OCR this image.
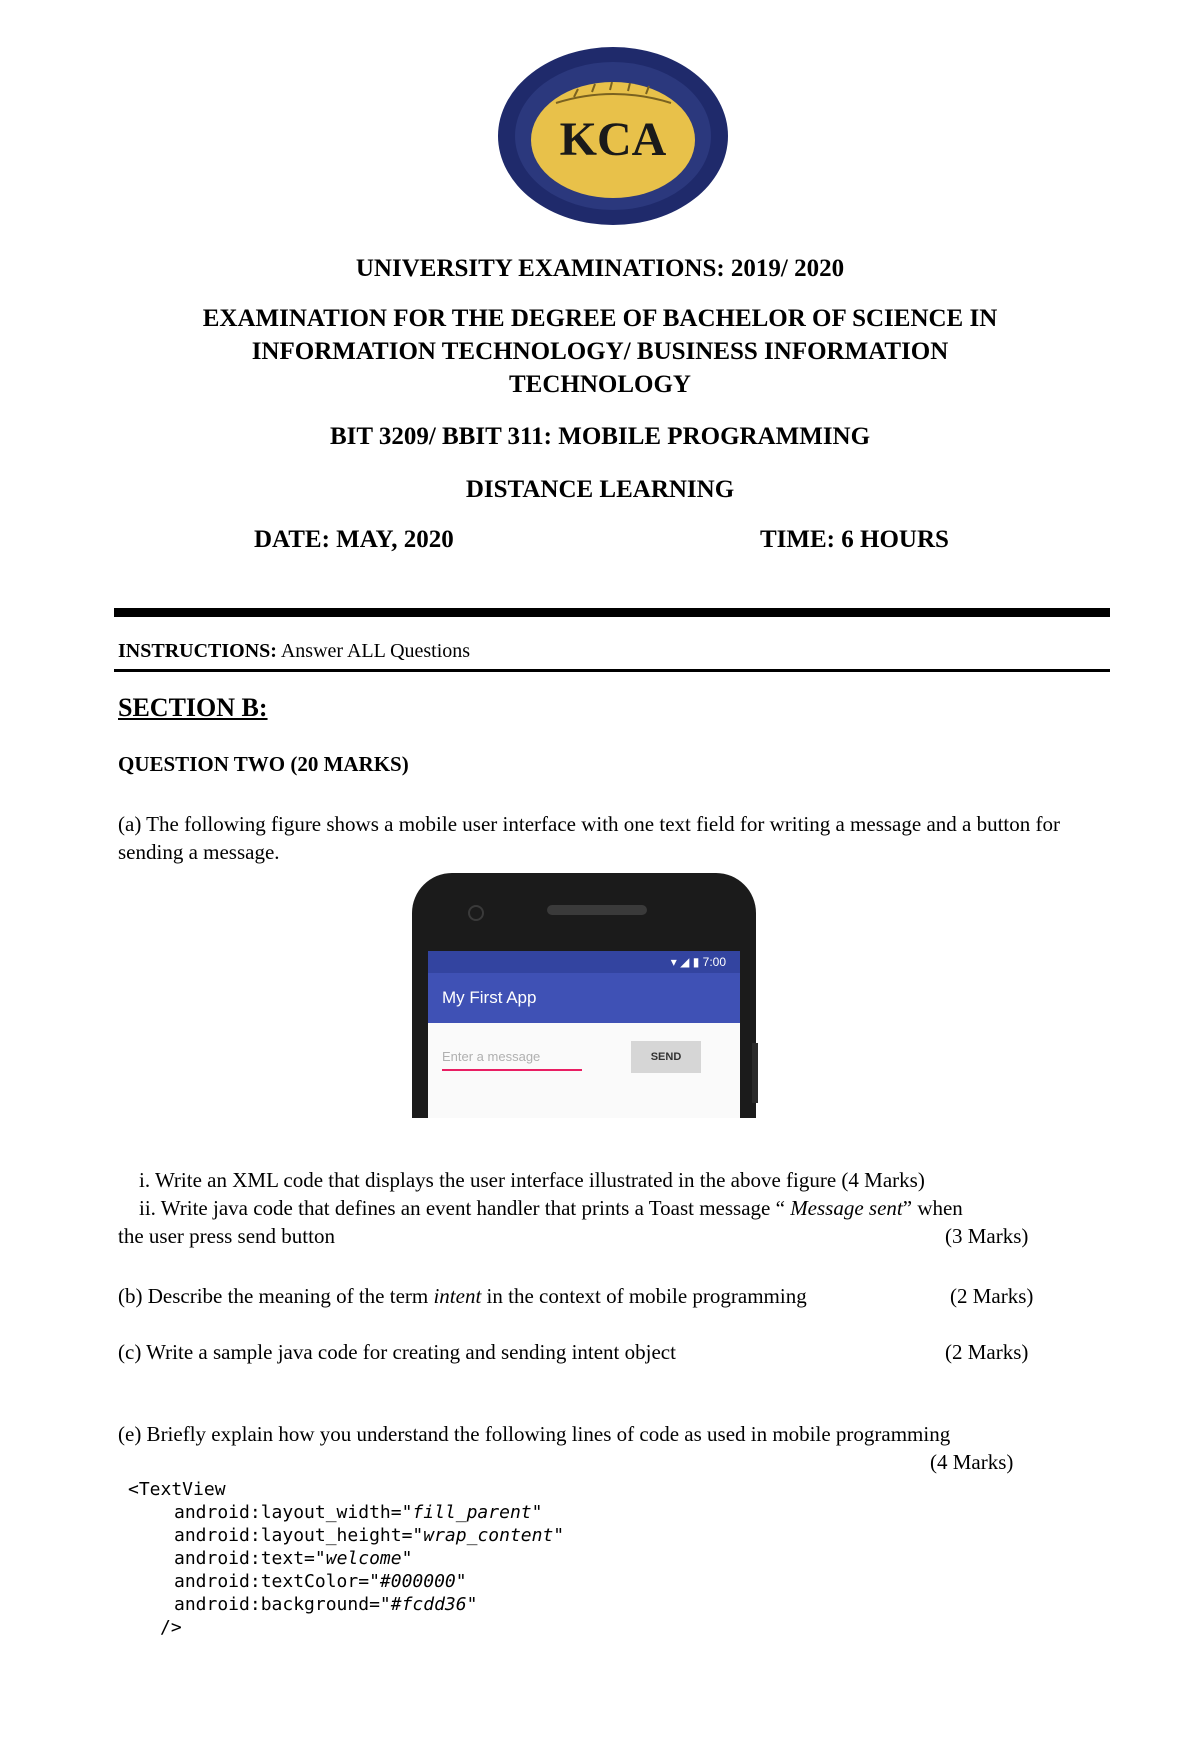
KCA
UNIVERSITY EXAMINATIONS: 2019/ 2020
EXAMINATION FOR THE DEGREE OF BACHELOR OF SCIENCE IN
INFORMATION TECHNOLOGY/ BUSINESS INFORMATION
TECHNOLOGY
BIT 3209/ BBIT 311: MOBILE PROGRAMMING
DISTANCE LEARNING
DATE: MAY, 2020	TIME: 6 HOURS
INSTRUCTIONS: Answer ALL Questions
SECTION B:
QUESTION TWO (20 MARKS)
(a) The following figure shows a mobile user interface with one text field for writing a message and a button for sending a message.
▾ ◢ ▮ 7:00
My First App
Enter a message
SEND
i. Write an XML code that displays the user interface illustrated in the above figure (4 Marks)
ii. Write java code that defines an event handler that prints a Toast message “ Message sent” when
the user press send button	(3 Marks)
(b) Describe the meaning of the term intent in the context of mobile programming	(2 Marks)
(c) Write a sample java code for creating and sending intent object	(2 Marks)
(e) Briefly explain how you understand the following lines of code as used in mobile programming
(4 Marks)
<TextView
android:layout_width="fill_parent"
android:layout_height="wrap_content"
android:text="welcome"
android:textColor="#000000"
android:background="#fcdd36"
/>
